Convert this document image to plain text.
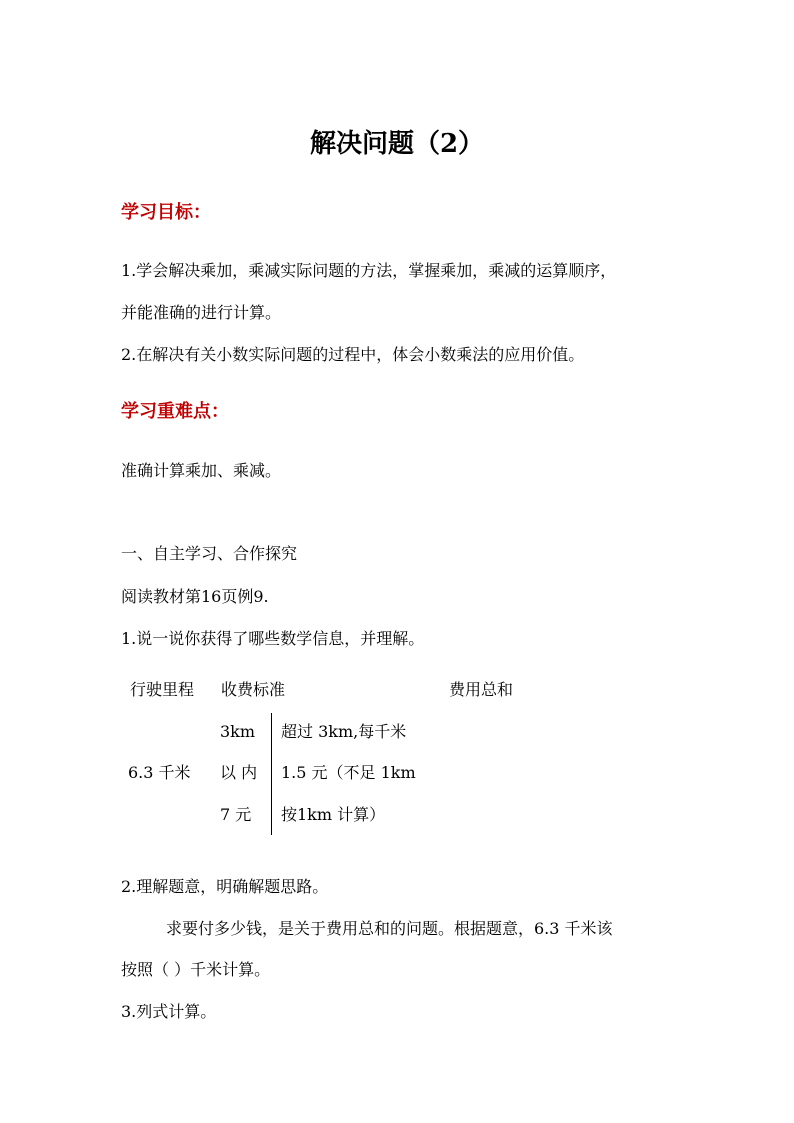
解决问题（2）
学习目标：
1.学会解决乘加，乘减实际问题的方法，掌握乘加，乘减的运算顺序，
并能准确的进行计算。
2.在解决有关小数实际问题的过程中，体会小数乘法的应用价值。
学习重难点：
准确计算乘加、乘减。
一、自主学习、合作探究
阅读教材第16页例9.
1.说一说你获得了哪些数学信息，并理解。
行驶里程 收费标准	费用总和
3km
6.3 千米 以 内
7 元
超过 3km,每千米
1.5 元（不足 1km
按1km 计算）
2.理解题意，明确解题思路。
求要付多少钱，是关于费用总和的问题。根据题意，6.3 千米该
按照（ ）千米计算。
3.列式计算。
